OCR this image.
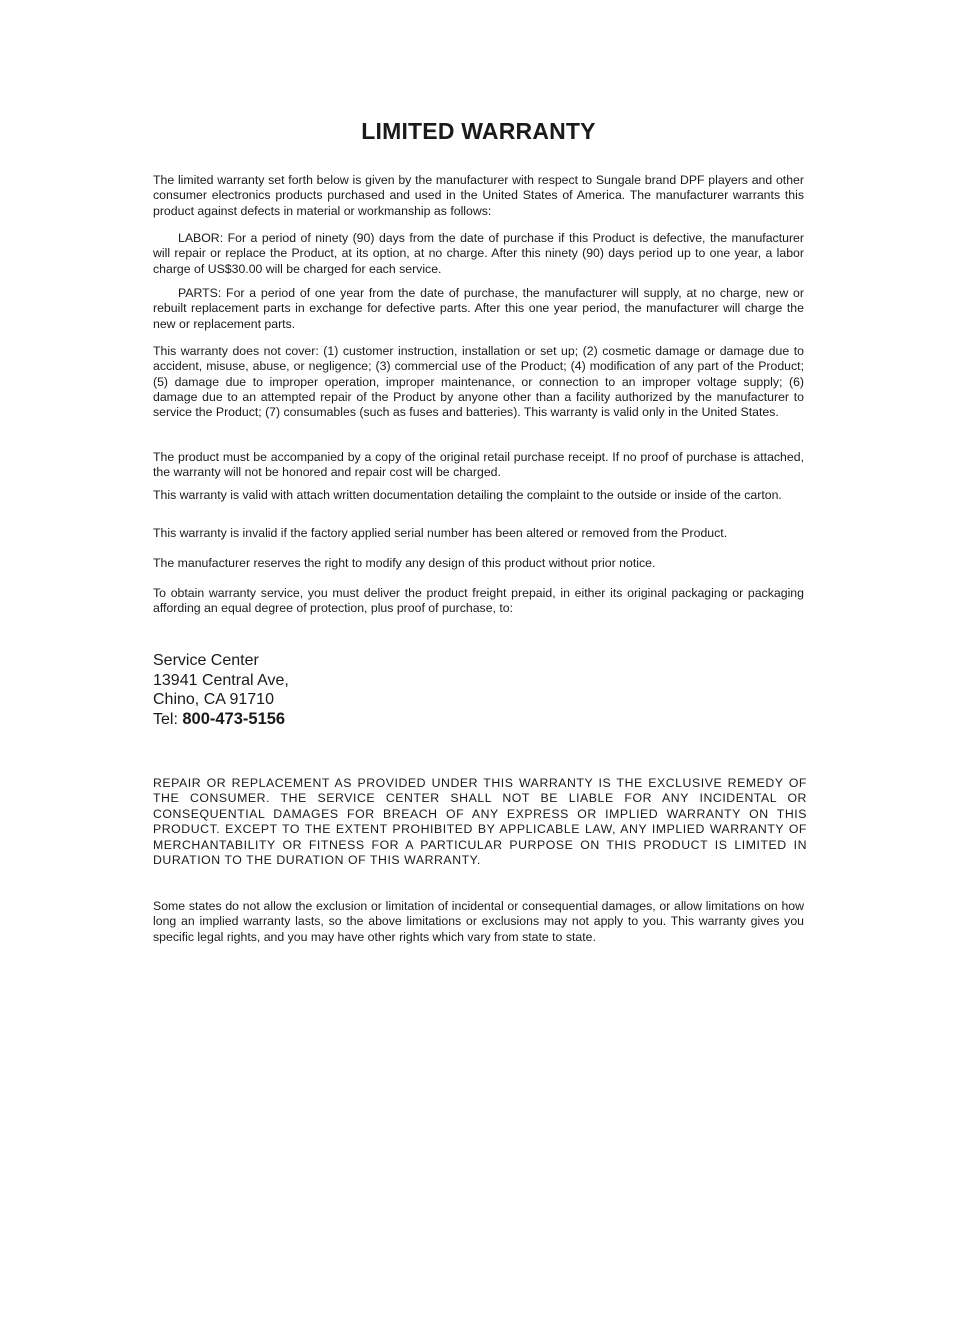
LIMITED WARRANTY

The limited warranty set forth below is given by the manufacturer with respect to Sungale brand DPF players and other consumer electronics products purchased and used in the United States of America. The manufacturer warrants this product against defects in material or workmanship as follows:

LABOR: For a period of ninety (90) days from the date of purchase if this Product is defective, the manufacturer will repair or replace the Product, at its option, at no charge. After this ninety (90) days period up to one year, a labor charge of US$30.00 will be charged for each service.

PARTS: For a period of one year from the date of purchase, the manufacturer will supply, at no charge, new or rebuilt replacement parts in exchange for defective parts. After this one year period, the manufacturer will charge the new or replacement parts.

This warranty does not cover: (1) customer instruction, installation or set up; (2) cosmetic damage or damage due to accident, misuse, abuse, or negligence; (3) commercial use of the Product; (4) modification of any part of the Product; (5) damage due to improper operation, improper maintenance, or connection to an improper voltage supply; (6) damage due to an attempted repair of the Product by anyone other than a facility authorized by the manufacturer to service the Product; (7) consumables (such as fuses and batteries). This warranty is valid only in the United States.

The product must be accompanied by a copy of the original retail purchase receipt. If no proof of purchase is attached, the warranty will not be honored and repair cost will be charged.

This warranty is valid with attach written documentation detailing the complaint to the outside or inside of the carton.

This warranty is invalid if the factory applied serial number has been altered or removed from the Product.

The manufacturer reserves the right to modify any design of this product without prior notice.

To obtain warranty service, you must deliver the product freight prepaid, in either its original packaging or packaging affording an equal degree of protection, plus proof of purchase, to:

Service Center
13941 Central Ave,
Chino, CA 91710
Tel: 800-473-5156

REPAIR OR REPLACEMENT AS PROVIDED UNDER THIS WARRANTY IS THE EXCLUSIVE REMEDY OF THE CONSUMER. THE SERVICE CENTER SHALL NOT BE LIABLE FOR ANY INCIDENTAL OR CONSEQUENTIAL DAMAGES FOR BREACH OF ANY EXPRESS OR IMPLIED WARRANTY ON THIS PRODUCT. EXCEPT TO THE EXTENT PROHIBITED BY APPLICABLE LAW, ANY IMPLIED WARRANTY OF MERCHANTABILITY OR FITNESS FOR A PARTICULAR PURPOSE ON THIS PRODUCT IS LIMITED IN DURATION TO THE DURATION OF THIS WARRANTY.

Some states do not allow the exclusion or limitation of incidental or consequential damages, or allow limitations on how long an implied warranty lasts, so the above limitations or exclusions may not apply to you. This warranty gives you specific legal rights, and you may have other rights which vary from state to state.
